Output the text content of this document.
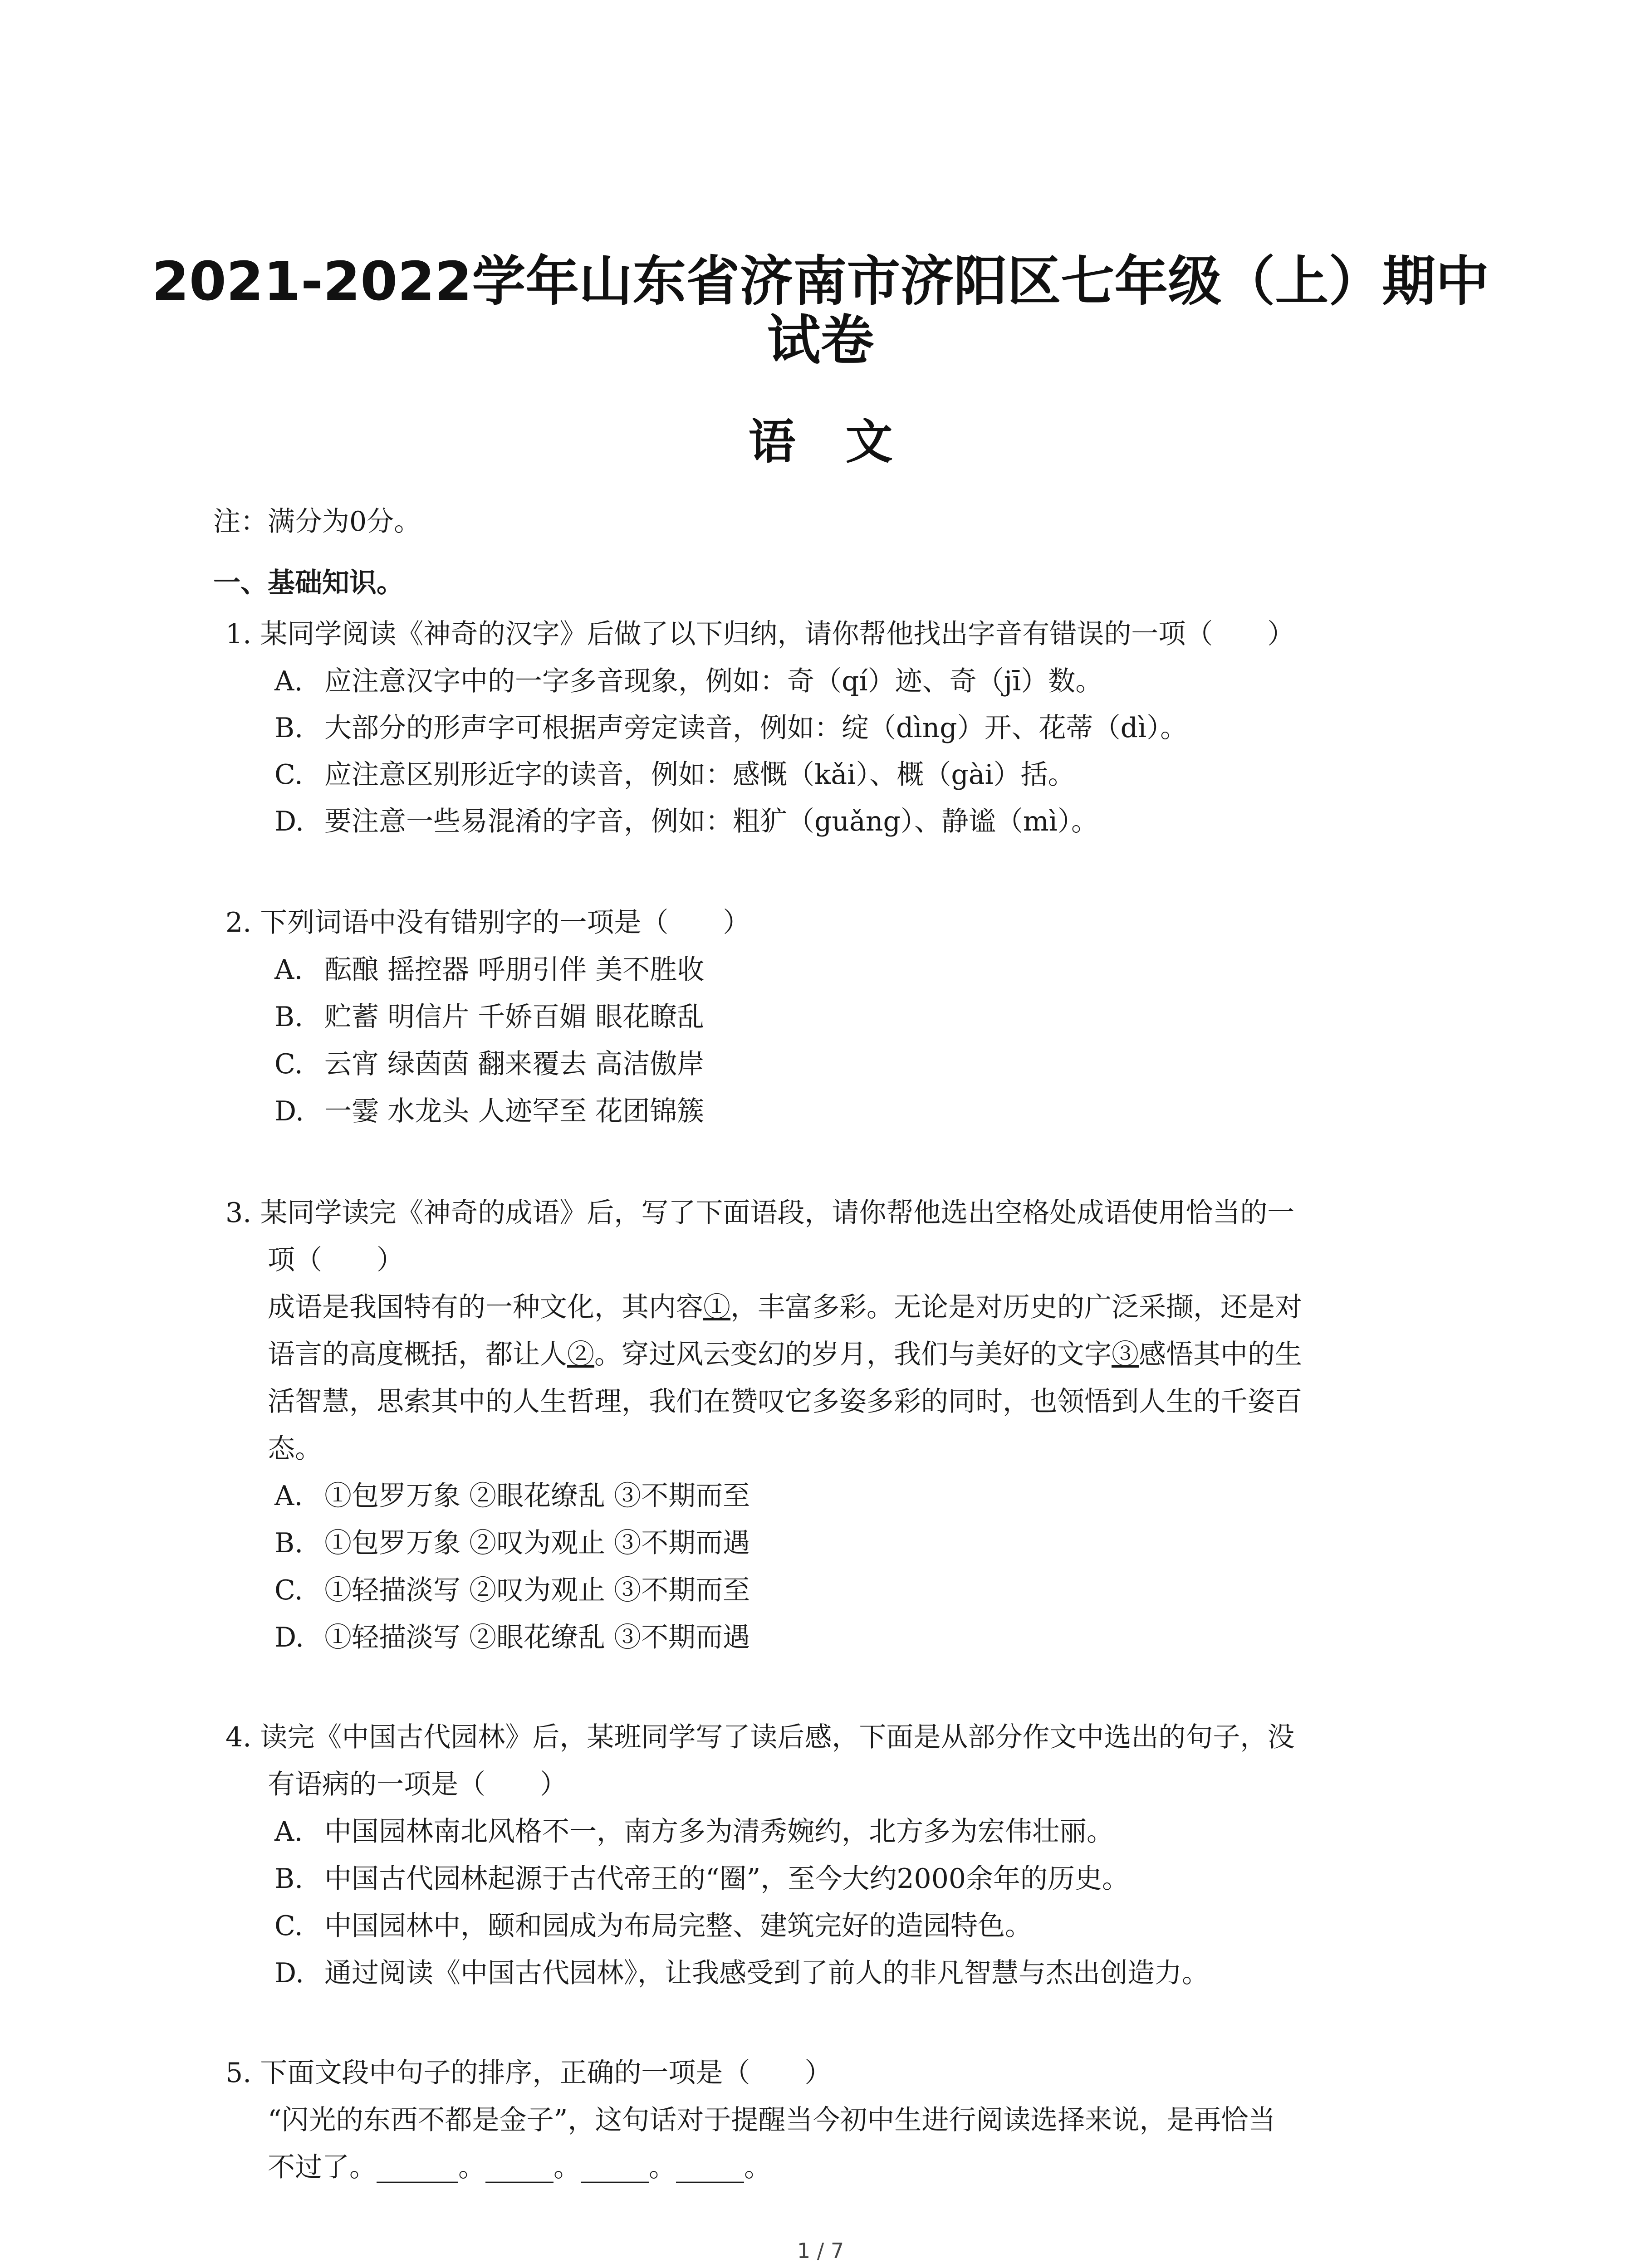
2021-2022学年山东省济南市济阳区七年级（上）期中
试卷
语文
注：满分为0分。
一、基础知识。
1. 某同学阅读《神奇的汉字》后做了以下归纳，请你帮他找出字音有错误的一项（　　）
A. 应注意汉字中的一字多音现象，例如：奇（qí）迹、奇（jī）数。
B. 大部分的形声字可根据声旁定读音，例如：绽（dìng）开、花蒂（dì）。
C. 应注意区别形近字的读音，例如：感慨（kǎi）、概（gài）括。
D. 要注意一些易混淆的字音，例如：粗犷（guǎng）、静谧（mì）。
2. 下列词语中没有错别字的一项是（　　）
A. 酝酿 摇控器 呼朋引伴 美不胜收
B. 贮蓄 明信片 千娇百媚 眼花瞭乱
C. 云宵 绿茵茵 翻来覆去 高洁傲岸
D. 一霎 水龙头 人迹罕至 花团锦簇
3. 某同学读完《神奇的成语》后，写了下面语段，请你帮他选出空格处成语使用恰当的一
项（　　）
成语是我国特有的一种文化，其内容①，丰富多彩。无论是对历史的广泛采撷，还是对
语言的高度概括，都让人②。穿过风云变幻的岁月，我们与美好的文字③感悟其中的生
活智慧，思索其中的人生哲理，我们在赞叹它多姿多彩的同时，也领悟到人生的千姿百
态。
A. ①包罗万象 ②眼花缭乱 ③不期而至
B. ①包罗万象 ②叹为观止 ③不期而遇
C. ①轻描淡写 ②叹为观止 ③不期而至
D. ①轻描淡写 ②眼花缭乱 ③不期而遇
4. 读完《中国古代园林》后，某班同学写了读后感，下面是从部分作文中选出的句子，没
有语病的一项是（　　）
A. 中国园林南北风格不一，南方多为清秀婉约，北方多为宏伟壮丽。
B. 中国古代园林起源于古代帝王的“圈”，至今大约2000余年的历史。
C. 中国园林中，颐和园成为布局完整、建筑完好的造园特色。
D. 通过阅读《中国古代园林》，让我感受到了前人的非凡智慧与杰出创造力。
5. 下面文段中句子的排序，正确的一项是（　　）
“闪光的东西不都是金子”，这句话对于提醒当今初中生进行阅读选择来说，是再恰当
不过了。______。_____。_____。_____。
1 / 7
